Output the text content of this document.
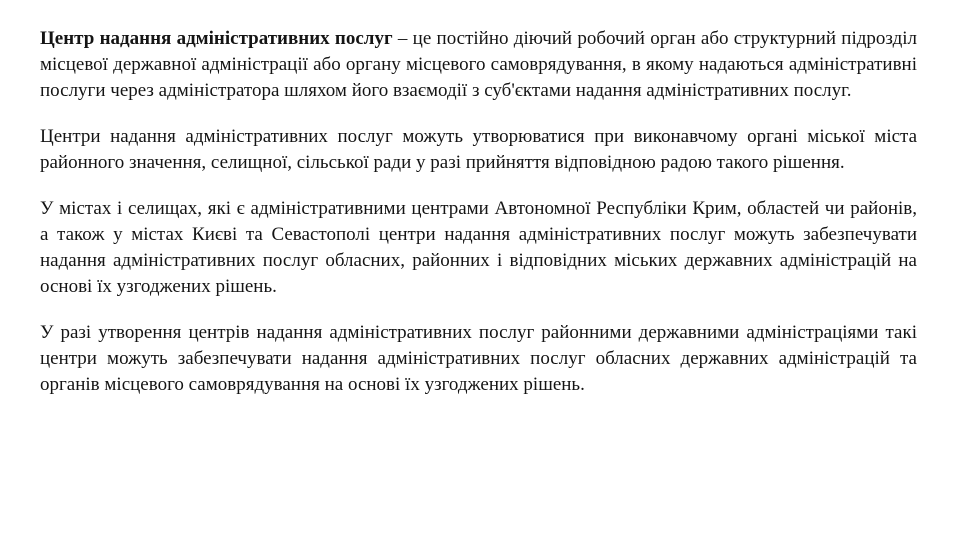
Центр надання адміністративних послуг – це постійно діючий робочий орган або структурний підрозділ місцевої державної адміністрації або органу місцевого самоврядування, в якому надаються адміністративні послуги через адміністратора шляхом його взаємодії з суб'єктами надання адміністративних послуг.

Центри надання адміністративних послуг можуть утворюватися при виконавчому органі міської міста районного значення, селищної, сільської ради у разі прийняття відповідною радою такого рішення.

У містах і селищах, які є адміністративними центрами Автономної Республіки Крим, областей чи районів, а також у містах Києві та Севастополі центри надання адміністративних послуг можуть забезпечувати надання адміністративних послуг обласних, районних і відповідних міських державних адміністрацій на основі їх узгоджених рішень.

У разі утворення центрів надання адміністративних послуг районними державними адміністраціями такі центри можуть забезпечувати надання адміністративних послуг обласних державних адміністрацій та органів місцевого самоврядування на основі їх узгоджених рішень.
